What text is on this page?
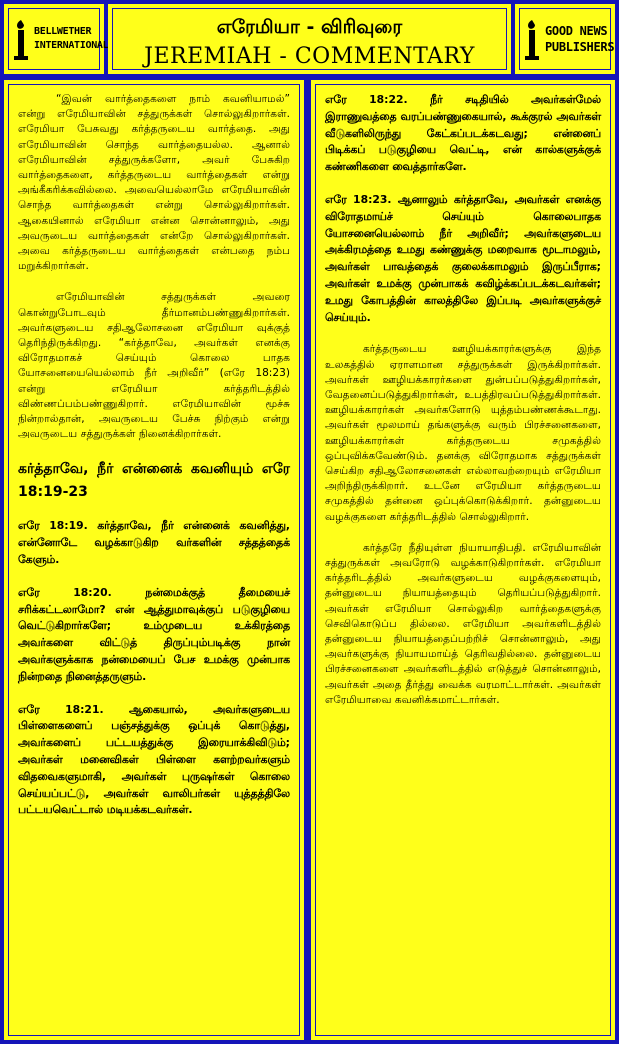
BELLWETHER
INTERNATIONAL
எரேமியா - விரிவுரை
JEREMIAH - COMMENTARY
GOOD NEWS
PUBLISHERS

“இவன் வார்த்தைகளை நாம் கவனியாமல்” என்று எரேமியாவின் சத்துருக்கள் சொல்லுகிறார்கள். எரேமியா பேசுவது கர்த்தருடைய வார்த்தை. அது எரேமியாவின் சொந்த வார்த்தையல்ல. ஆனால் எரேமியாவின் சத்துருக்களோ, அவர் பேசுகிற வார்த்தைகளை, கர்த்தருடைய வார்த்தைகள் என்று அங்கீகரிக்கவில்லை. அவையெல்லாமே எரேமியாவின் சொந்த வார்த்தைகள் என்று சொல்லுகிறார்கள். ஆகையினால் எரேமியா என்ன சொன்னாலும், அது அவருடைய வார்த்தைகள் என்றே சொல்லுகிறார்கள். அவை கர்த்தருடைய வார்த்தைகள் என்பதை நம்ப மறுக்கிறார்கள்.

எரேமியாவின் சத்துருக்கள் அவரை கொன்றுபோடவும் தீர்மானம்பண்ணுகிறார்கள். அவர்களுடைய சதிஆலோசனை எரேமியா வுக்குத் தெரிந்திருக்கிறது. “கர்த்தாவே, அவர்கள் எனக்கு விரோதமாகச் செய்யும் கொலை பாதக யோசனையையெல்லாம் நீர் அறிவீர்” (எரே 18:23) என்று எரேமியா கர்த்தரிடத்தில் விண்ணப்பம்பண்ணுகிறார். எரேமியாவின் மூச்சு நின்றால்தான், அவருடைய பேச்சு நிற்கும் என்று அவருடைய சத்துருக்கள் நினைக்கிறார்கள்.

கர்த்தாவே, நீர் என்னைக் கவனியும் எரே 18:19-23

எரே 18:19. கர்த்தாவே, நீர் என்னைக் கவனித்து, என்னோடே வழக்காடுகிற வர்களின் சத்தத்தைக் கேளும்.

எரே 18:20. நன்மைக்குத் தீமையைச் சரிக்கட்டலாமோ? என் ஆத்துமாவுக்குப் படுகுழியை வெட்டுகிறார்களே; உம்முடைய உக்கிரத்தை அவர்களை விட்டுத் திருப்பும்படிக்கு நான் அவர்களுக்காக நன்மையைப் பேச உமக்கு முன்பாக நின்றதை நினைத்தருளும்.

எரே 18:21. ஆகையால், அவர்களுடைய பிள்ளைகளைப் பஞ்சத்துக்கு ஒப்புக் கொடுத்து, அவர்களைப் பட்டயத்துக்கு இரையாக்கிவிடும்; அவர்கள் மனைவிகள் பிள்ளை களற்றவர்களும் விதவைகளுமாகி, அவர்கள் புருஷர்கள் கொலை செய்யப்பட்டு, அவர்கள் வாலிபர்கள் யுத்தத்திலே பட்டயவெட்டால் மடியக்கடவர்கள்.

எரே 18:22. நீர் சடிதியில் அவர்கள்மேல் இராணுவத்தை வரப்பண்ணுகையால், கூக்குரல் அவர்கள் வீடுகளிலிருந்து கேட்கப்படக்கடவது; என்னைப் பிடிக்கப் படுகுழியை வெட்டி, என் கால்களுக்குக் கண்ணிகளை வைத்தார்களே.

எரே 18:23. ஆனாலும் கர்த்தாவே, அவர்கள் எனக்கு விரோதமாய்ச் செய்யும் கொலைபாதக யோசனையெல்லாம் நீர் அறிவீர்; அவர்களுடைய அக்கிரமத்தை உமது கண்ணுக்கு மறைவாக மூடாமலும், அவர்கள் பாவத்தைக் குலைக்காமலும் இருப்பீராக; அவர்கள் உமக்கு முன்பாகக் கவிழ்க்கப்படக்கடவர்கள்; உமது கோபத்தின் காலத்திலே இப்படி அவர்களுக்குச் செய்யும்.

கர்த்தருடைய ஊழியக்காரர்களுக்கு இந்த உலகத்தில் ஏராளமான சத்துருக்கள் இருக்கிறார்கள். அவர்கள் ஊழியக்காரர்களை துன்பப்படுத்துகிறார்கள், வேதனைப்படுத்துகிறார்கள், உபத்திரவப்படுத்துகிறார்கள். ஊழியக்காரர்கள் அவர்களோடு யுத்தம்பண்ணக்கூடாது. அவர்கள் மூலமாய் தங்களுக்கு வரும் பிரச்சனைகளை, ஊழியக்காரர்கள் கர்த்தருடைய சமுகத்தில் ஒப்புவிக்கவேண்டும். தனக்கு விரோதமாக சத்துருக்கள் செய்கிற சதிஆலோசனைகள் எல்லாவற்றையும் எரேமியா அறிந்திருக்கிறார். உடனே எரேமியா கர்த்தருடைய சமுகத்தில் தன்னை ஒப்புக்கொடுக்கிறார். தன்னுடைய வழக்குகளை கர்த்தரிடத்தில் சொல்லுகிறார்.

கர்த்தரே நீதியுள்ள நியாயாதிபதி. எரேமியாவின் சத்துருக்கள் அவரோடு வழக்காடுகிறார்கள். எரேமியா கர்த்தரிடத்தில் அவர்களுடைய வழக்குகளையும், தன்னுடைய நியாயத்தையும் தெரியப்படுத்துகிறார். அவர்கள் எரேமியா சொல்லுகிற வார்த்தைகளுக்கு செவிகொடுப்ப தில்லை. எரேமியா அவர்களிடத்தில் தன்னுடைய நியாயத்தைப்பற்றிச் சொன்னாலும், அது அவர்களுக்கு நியாயமாய்த் தெரிவதில்லை. தன்னுடைய பிரச்சனைகளை அவர்களிடத்தில் எடுத்துச் சொன்னாலும், அவர்கள் அதை தீர்த்து வைக்க வரமாட்டார்கள். அவர்கள் எரேமியாவை கவனிக்கமாட்டார்கள்.
